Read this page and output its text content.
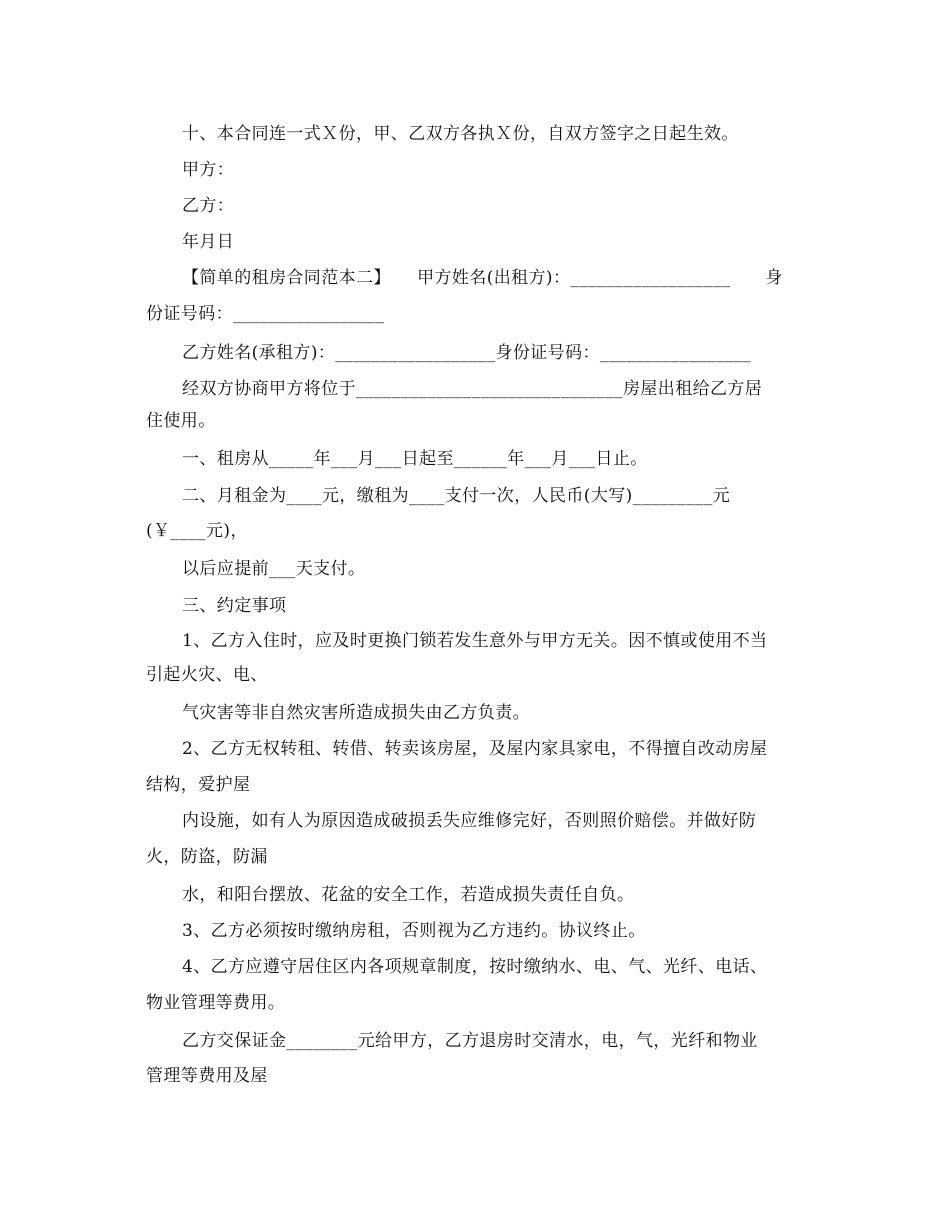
十、本合同连一式Ｘ份，甲、乙双方各执Ｘ份，自双方签字之日起生效。
甲方：
乙方：
年月日
【简单的租房合同范本二】　　甲方姓名(出租方)：__________________　　身
份证号码：_________________
乙方姓名(承租方)：__________________身份证号码：_________________
经双方协商甲方将位于______________________________房屋出租给乙方居
住使用。
一、租房从_____年___月___日起至______年___月___日止。
二、月租金为____元，缴租为____支付一次，人民币(大写)_________元
(￥____元)，
以后应提前___天支付。
三、约定事项
1、乙方入住时，应及时更换门锁若发生意外与甲方无关。因不慎或使用不当
引起火灾、电、
气灾害等非自然灾害所造成损失由乙方负责。
2、乙方无权转租、转借、转卖该房屋，及屋内家具家电，不得擅自改动房屋
结构，爱护屋
内设施，如有人为原因造成破损丢失应维修完好，否则照价赔偿。并做好防
火，防盗，防漏
水，和阳台摆放、花盆的安全工作，若造成损失责任自负。
3、乙方必须按时缴纳房租，否则视为乙方违约。协议终止。
4、乙方应遵守居住区内各项规章制度，按时缴纳水、电、气、光纤、电话、
物业管理等费用。
乙方交保证金________元给甲方，乙方退房时交清水，电，气，光纤和物业
管理等费用及屋
